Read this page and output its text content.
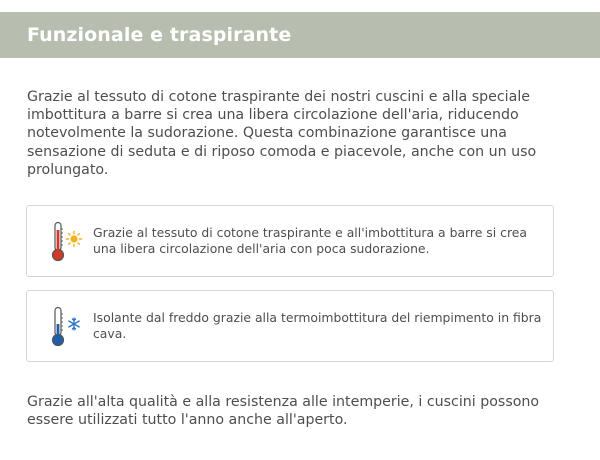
Funzionale e traspirante

Grazie al tessuto di cotone traspirante dei nostri cuscini e alla speciale imbottitura a barre si crea una libera circolazione dell'aria, riducendo notevolmente la sudorazione. Questa combinazione garantisce una sensazione di seduta e di riposo comoda e piacevole, anche con un uso prolungato.

Grazie al tessuto di cotone traspirante e all'imbottitura a barre si crea una libera circolazione dell'aria con poca sudorazione.

Isolante dal freddo grazie alla termoimbottitura del riempimento in fibra cava.

Grazie all'alta qualità e alla resistenza alle intemperie, i cuscini possono essere utilizzati tutto l'anno anche all'aperto.
